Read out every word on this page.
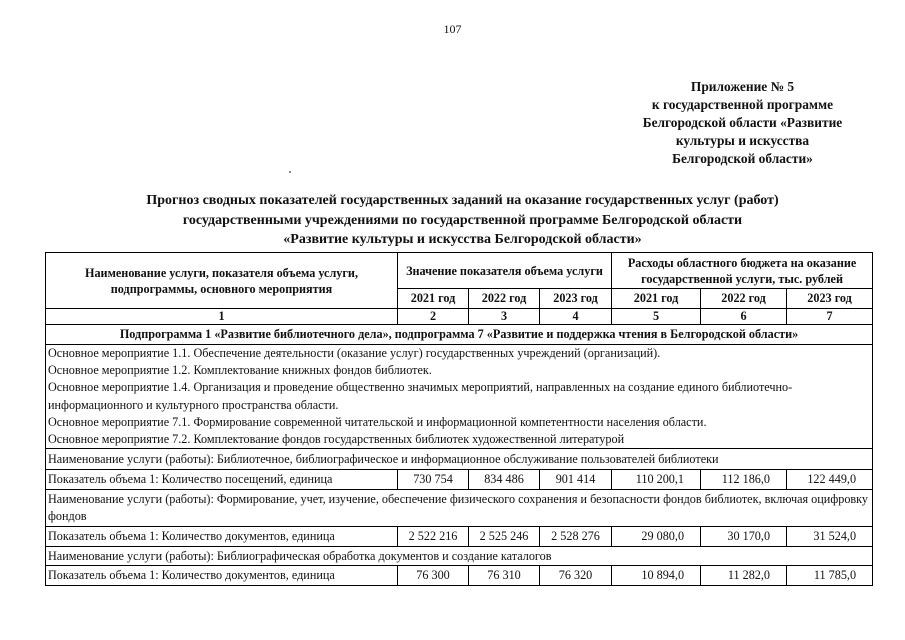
107
Приложение № 5
к государственной программе
Белгородской области «Развитие
культуры и искусства
Белгородской области»
Прогноз сводных показателей государственных заданий на оказание государственных услуг (работ)
государственными учреждениями по государственной программе Белгородской области
«Развитие культуры и искусства Белгородской области»
Наименование услуги, показателя объема услуги, подпрограммы, основного мероприятия	Значение показателя объема услуги			Расходы областного бюджета на оказание государственной услуги, тыс. рублей		
	2021 год	2022 год	2023 год	2021 год	2022 год	2023 год
1	2	3	4	5	6	7
Подпрограмма 1 «Развитие библиотечного дела», подпрограмма 7 «Развитие и поддержка чтения в Белгородской области»						

Основное мероприятие 1.1. Обеспечение деятельности (оказание услуг) государственных учреждений (организаций).
Основное мероприятие 1.2. Комплектование книжных фондов библиотек.
Основное мероприятие 1.4. Организация и проведение общественно значимых мероприятий, направленных на создание единого библиотечно-информационного и культурного пространства области.
Основное мероприятие 7.1. Формирование современной читательской и информационной компетентности населения области.
Основное мероприятие 7.2. Комплектование фондов государственных библиотек художественной литературой						

Наименование услуги (работы): Библиотечное, библиографическое и информационное обслуживание пользователей библиотеки						
Показатель объема 1: Количество посещений, единица	730 754	834 486	901 414	110 200,1	112 186,0	122 449,0
Наименование услуги (работы): Формирование, учет, изучение, обеспечение физического сохранения и безопасности фондов библиотек, включая оцифровку фондов						
Показатель объема 1: Количество документов, единица	2 522 216	2 525 246	2 528 276	29 080,0	30 170,0	31 524,0
Наименование услуги (работы): Библиографическая обработка документов и создание каталогов						
Показатель объема 1: Количество документов, единица	76 300	76 310	76 320	10 894,0	11 282,0	11 785,0
